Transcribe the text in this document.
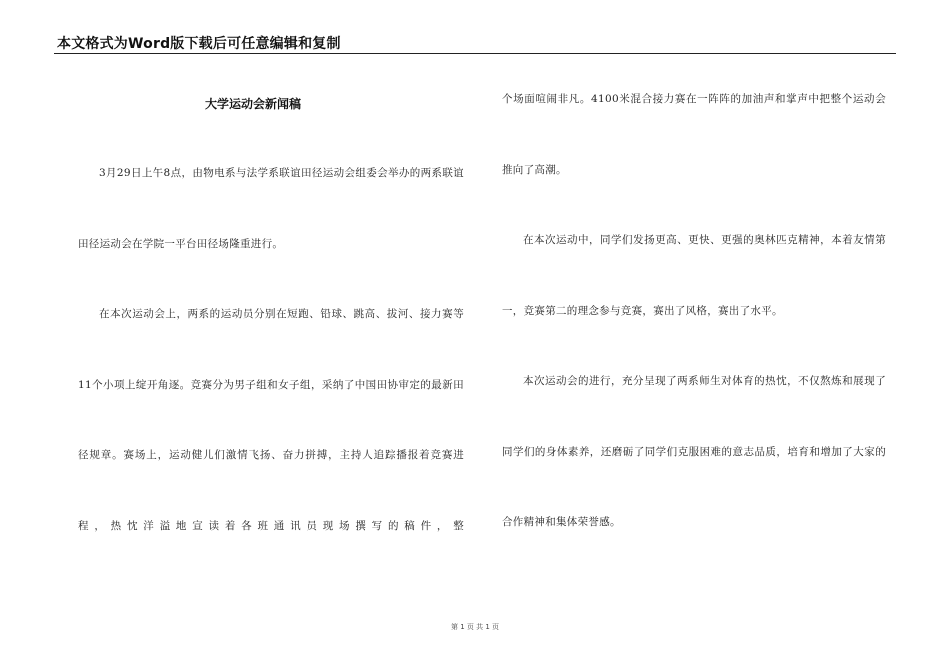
本文格式为Word版下载后可任意编辑和复制
大学运动会新闻稿

3月29日上午8点，由物电系与法学系联谊田径运动会组委会举办的两系联谊田径运动会在学院一平台田径场隆重进行。

在本次运动会上，两系的运动员分别在短跑、铅球、跳高、拔河、接力赛等11个小项上绽开角逐。竞赛分为男子组和女子组，采纳了中国田协审定的最新田径规章。赛场上，运动健儿们激情飞扬、奋力拼搏，主持人追踪播报着竞赛进程，热忱洋溢地宣读着各班通讯员现场撰写的稿件，整

个场面喧闹非凡。4100米混合接力赛在一阵阵的加油声和掌声中把整个运动会推向了高潮。

在本次运动中，同学们发扬更高、更快、更强的奥林匹克精神，本着友情第一，竞赛第二的理念参与竞赛，赛出了风格，赛出了水平。

本次运动会的进行，充分呈现了两系师生对体育的热忱，不仅熬炼和展现了同学们的身体素养，还磨砺了同学们克服困难的意志品质，培育和增加了大家的合作精神和集体荣誉感。

第 1 页 共 1 页
